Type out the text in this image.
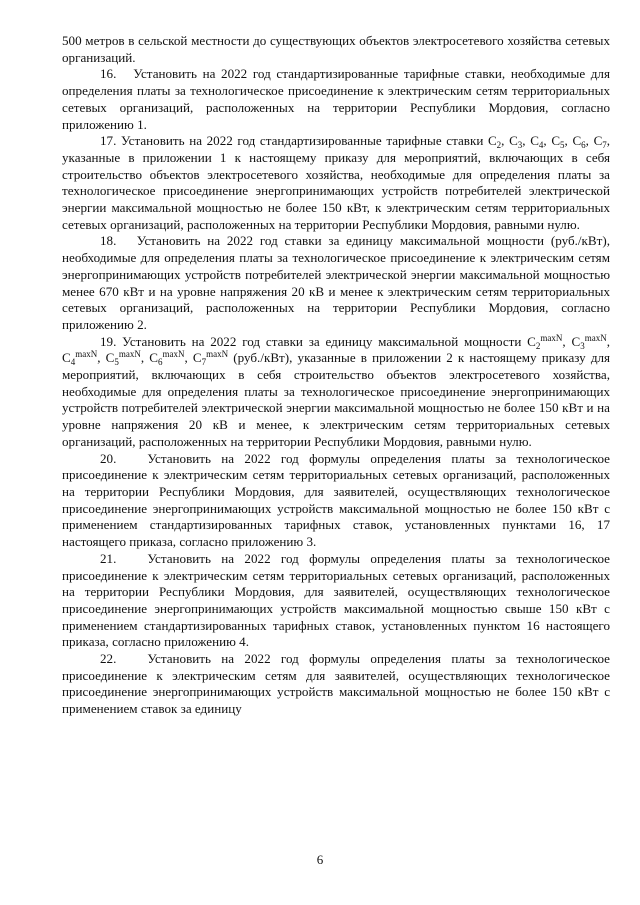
500 метров в сельской местности до существующих объектов электросетевого хозяйства сетевых организаций.

16.   Установить на 2022 год стандартизированные тарифные ставки, необходимые для определения платы за технологическое присоединение к электрическим сетям территориальных сетевых организаций, расположенных на территории Республики Мордовия, согласно приложению 1.

17. Установить на 2022 год стандартизированные тарифные ставки $C_2$, $C_3$, $C_4$, $C_5$, $C_6$, $C_7$, указанные в приложении 1 к настоящему приказу для мероприятий, включающих в себя строительство объектов электросетевого хозяйства, необходимые для определения платы за технологическое присоединение энергопринимающих устройств потребителей электрической энергии максимальной мощностью не более 150 кВт, к электрическим сетям территориальных сетевых организаций, расположенных на территории Республики Мордовия, равными нулю.

18.   Установить на 2022 год ставки за единицу максимальной мощности (руб./кВт), необходимые для определения платы за технологическое присоединение к электрическим сетям энергопринимающих устройств потребителей электрической энергии максимальной мощностью менее 670 кВт и на уровне напряжения 20 кВ и менее к электрическим сетям территориальных сетевых организаций, расположенных на территории Республики Мордовия, согласно приложению 2.

19. Установить на 2022 год ставки за единицу максимальной мощности $C_2^{maxN}$, $C_3^{maxN}$, $C_4^{maxN}$, $C_5^{maxN}$, $C_6^{maxN}$, $C_7^{maxN}$ (руб./кВт), указанные в приложении 2 к настоящему приказу для мероприятий, включающих в себя строительство объектов электросетевого хозяйства, необходимые для определения платы за технологическое присоединение энергопринимающих устройств потребителей электрической энергии максимальной мощностью не более 150 кВт и на уровне напряжения 20 кВ и менее, к электрическим сетям территориальных сетевых организаций, расположенных на территории Республики Мордовия, равными нулю.

20.   Установить на 2022 год формулы определения платы за технологическое присоединение к электрическим сетям территориальных сетевых организаций, расположенных на территории Республики Мордовия, для заявителей, осуществляющих технологическое присоединение энергопринимающих устройств максимальной мощностью не более 150 кВт с применением стандартизированных тарифных ставок, установленных пунктами 16, 17 настоящего приказа, согласно приложению 3.

21.   Установить на 2022 год формулы определения платы за технологическое присоединение к электрическим сетям территориальных сетевых организаций, расположенных на территории Республики Мордовия, для заявителей, осуществляющих технологическое присоединение энергопринимающих устройств максимальной мощностью свыше 150 кВт с применением стандартизированных тарифных ставок, установленных пунктом 16 настоящего приказа, согласно приложению 4.

22.   Установить на 2022 год формулы определения платы за технологическое присоединение к электрическим сетям для заявителей, осуществляющих технологическое присоединение энергопринимающих устройств максимальной мощностью не более 150 кВт с применением ставок за единицу

6
